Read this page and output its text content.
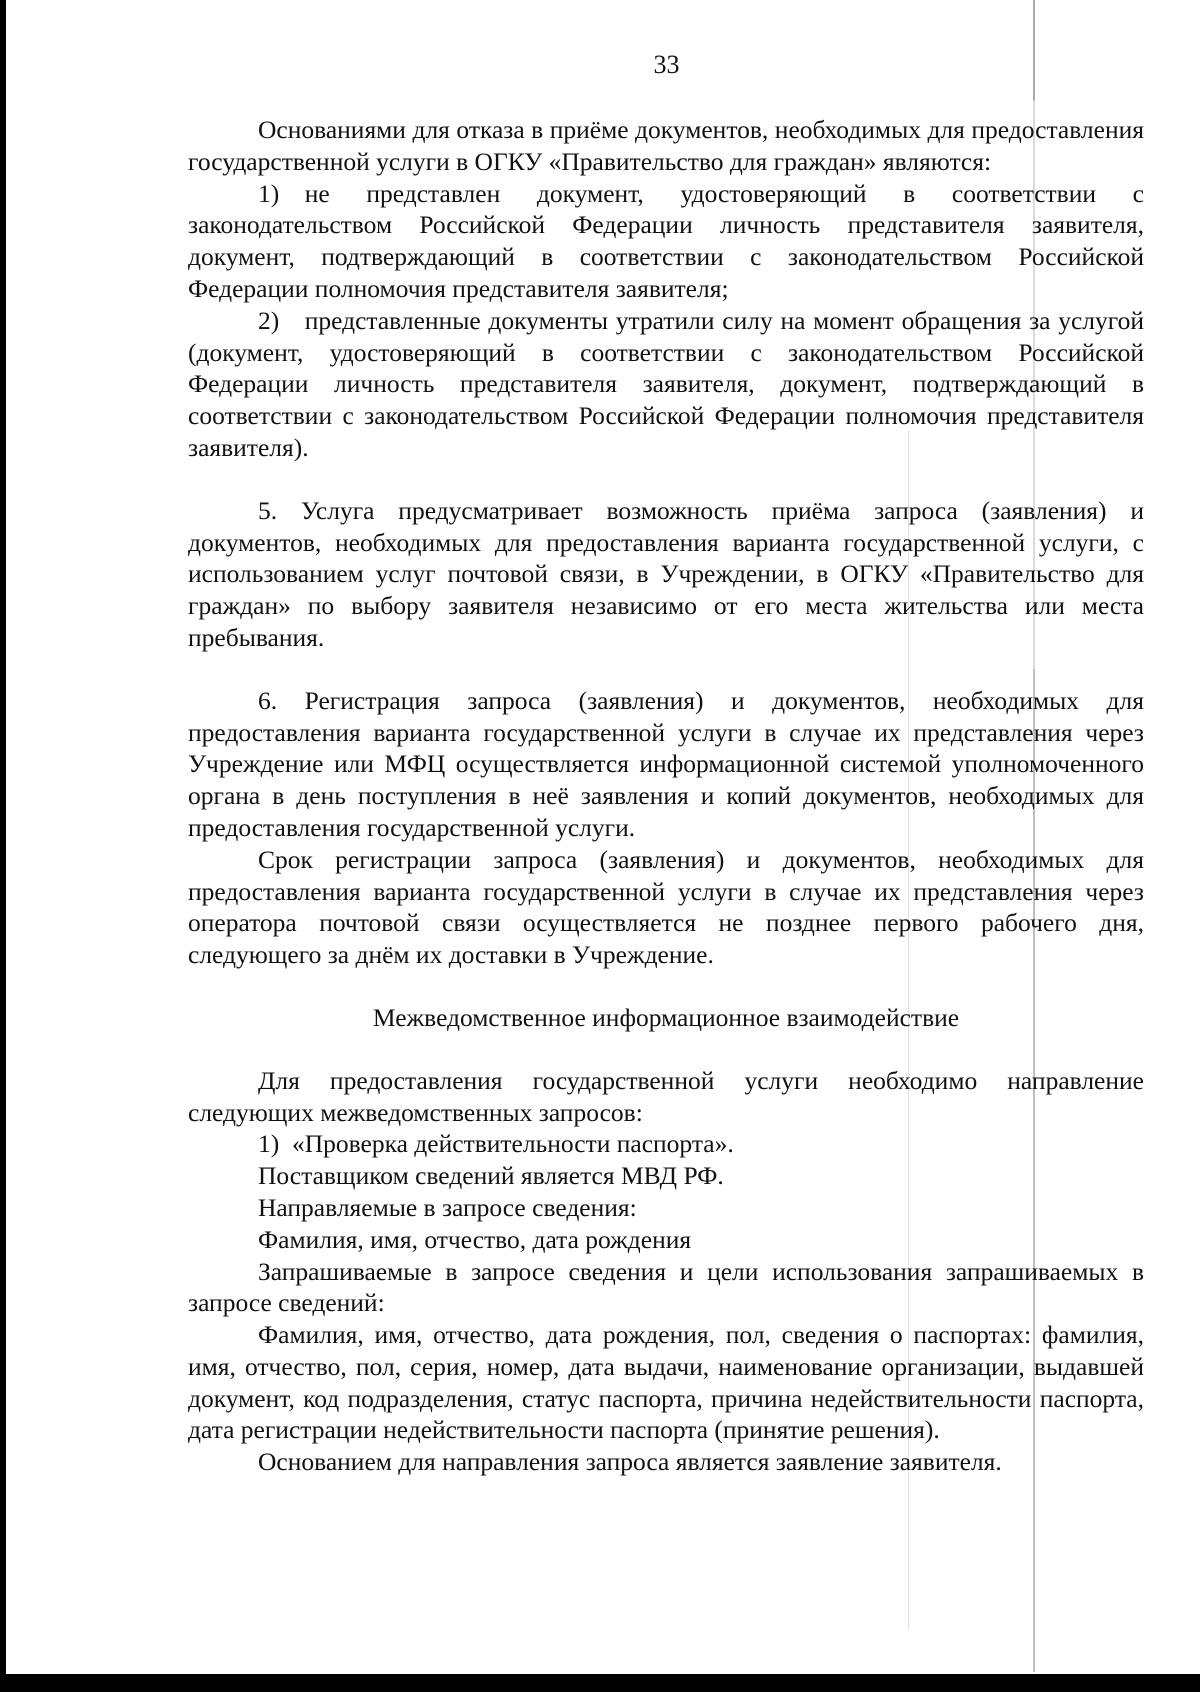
33

Основаниями для отказа в приёме документов, необходимых для предоставления государственной услуги в ОГКУ «Правительство для граждан» являются:

1) не представлен документ, удостоверяющий в соответствии с законодательством Российской Федерации личность представителя заявителя, документ, подтверждающий в соответствии с законодательством Российской Федерации полномочия представителя заявителя;

2) представленные документы утратили силу на момент обращения за услугой (документ, удостоверяющий в соответствии с законодательством Российской Федерации личность представителя заявителя, документ, подтверждающий в соответствии с законодательством Российской Федерации полномочия представителя заявителя).

5. Услуга предусматривает возможность приёма запроса (заявления) и документов, необходимых для предоставления варианта государственной услуги, с использованием услуг почтовой связи, в Учреждении, в ОГКУ «Правительство для граждан» по выбору заявителя независимо от его места жительства или места пребывания.

6. Регистрация запроса (заявления) и документов, необходимых для предоставления варианта государственной услуги в случае их представления через Учреждение или МФЦ осуществляется информационной системой уполномоченного органа в день поступления в неё заявления и копий документов, необходимых для предоставления государственной услуги.

Срок регистрации запроса (заявления) и документов, необходимых для предоставления варианта государственной услуги в случае их представления через оператора почтовой связи осуществляется не позднее первого рабочего дня, следующего за днём их доставки в Учреждение.

Межведомственное информационное взаимодействие

Для предоставления государственной услуги необходимо направление следующих межведомственных запросов:

1) «Проверка действительности паспорта».

Поставщиком сведений является МВД РФ.

Направляемые в запросе сведения:

Фамилия, имя, отчество, дата рождения

Запрашиваемые в запросе сведения и цели использования запрашиваемых в запросе сведений:

Фамилия, имя, отчество, дата рождения, пол, сведения о паспортах: фамилия, имя, отчество, пол, серия, номер, дата выдачи, наименование организации, выдавшей документ, код подразделения, статус паспорта, причина недействительности паспорта, дата регистрации недействительности паспорта (принятие решения).

Основанием для направления запроса является заявление заявителя.
